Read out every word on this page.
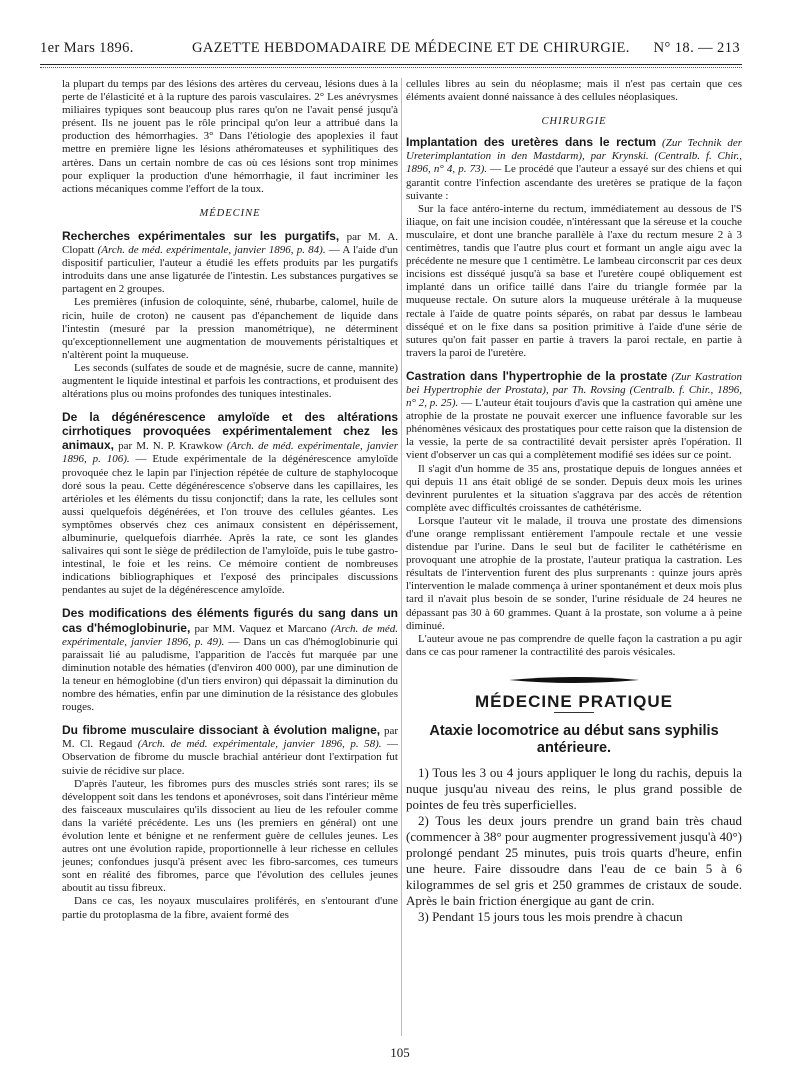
1er Mars 1896.	GAZETTE HEBDOMADAIRE DE MÉDECINE ET DE CHIRURGIE. N° 18. — 213

la plupart du temps par des lésions des artères du cerveau, lésions dues à la perte de l'élasticité et à la rupture des parois vasculaires. 2° Les anévrysmes miliaires typiques sont beaucoup plus rares qu'on ne l'avait pensé jusqu'à présent. Ils ne jouent pas le rôle principal qu'on leur a attribué dans la production des hémorrhagies. 3° Dans l'étiologie des apoplexies il faut mettre en première ligne les lésions athéromateuses et syphilitiques des artères. Dans un certain nombre de cas où ces lésions sont trop minimes pour expliquer la production d'une hémorrhagie, il faut incriminer les actions mécaniques comme l'effort de la toux.

MÉDECINE

Recherches expérimentales sur les purgatifs, par M. A. Clopatt (Arch. de méd. expérimentale, janvier 1896, p. 84). — A l'aide d'un dispositif particulier, l'auteur a étudié les effets produits par les purgatifs introduits dans une anse ligaturée de l'intestin. Les substances purgatives se partagent en 2 groupes.

Les premières (infusion de coloquinte, séné, rhubarbe, calomel, huile de ricin, huile de croton) ne causent pas d'épanchement de liquide dans l'intestin (mesuré par la pression manométrique), ne déterminent qu'exceptionnellement une augmentation de mouvements péristaltiques et n'altèrent point la muqueuse.

Les seconds (sulfates de soude et de magnésie, sucre de canne, mannite) augmentent le liquide intestinal et parfois les contractions, et produisent des altérations plus ou moins profondes des tuniques intestinales.

De la dégénérescence amyloïde et des altérations cirrhotiques provoquées expérimentalement chez les animaux, par M. N. P. Krawkow (Arch. de méd. expérimentale, janvier 1896, p. 106). — Etude expérimentale de la dégénérescence amyloïde provoquée chez le lapin par l'injection répétée de culture de staphylocoque doré sous la peau. Cette dégénérescence s'observe dans les capillaires, les artérioles et les éléments du tissu conjonctif; dans la rate, les cellules sont aussi quelquefois dégénérées, et l'on trouve des cellules géantes. Les symptômes observés chez ces animaux consistent en dépérissement, albuminurie, quelquefois diarrhée. Après la rate, ce sont les glandes salivaires qui sont le siège de prédilection de l'amyloïde, puis le tube gastro-intestinal, le foie et les reins. Ce mémoire contient de nombreuses indications bibliographiques et l'exposé des principales discussions pendantes au sujet de la dégénérescence amyloïde.

Des modifications des éléments figurés du sang dans un cas d'hémoglobinurie, par MM. Vaquez et Marcano (Arch. de méd. expérimentale, janvier 1896, p. 49). — Dans un cas d'hémoglobinurie qui paraissait lié au paludisme, l'apparition de l'accès fut marquée par une diminution notable des hématies (d'environ 400 000), par une diminution de la teneur en hémoglobine (d'un tiers environ) qui dépassait la diminution du nombre des hématies, enfin par une diminution de la résistance des globules rouges.

Du fibrome musculaire dissociant à évolution maligne, par M. Cl. Regaud (Arch. de méd. expérimentale, janvier 1896, p. 58). — Observation de fibrome du muscle brachial antérieur dont l'extirpation fut suivie de récidive sur place.

D'après l'auteur, les fibromes purs des muscles striés sont rares; ils se développent soit dans les tendons et aponévroses, soit dans l'intérieur même des faisceaux musculaires qu'ils dissocient au lieu de les refouler comme dans la variété précédente. Les uns (les premiers en général) ont une évolution lente et bénigne et ne renferment guère de cellules jeunes. Les autres ont une évolution rapide, proportionnelle à leur richesse en cellules jeunes; confondues jusqu'à présent avec les fibro-sarcomes, ces tumeurs sont en réalité des fibromes, parce que l'évolution des cellules jeunes aboutit au tissu fibreux.

Dans ce cas, les noyaux musculaires proliférés, en s'entourant d'une partie du protoplasma de la fibre, avaient formé des

cellules libres au sein du néoplasme; mais il n'est pas certain que ces éléments avaient donné naissance à des cellules néoplasiques.

CHIRURGIE

Implantation des uretères dans le rectum (Zur Technik der Ureterimplantation in den Mastdarm), par Krynski. (Centralb. f. Chir., 1896, n° 4, p. 73). — Le procédé que l'auteur a essayé sur des chiens et qui garantit contre l'infection ascendante des uretères se pratique de la façon suivante :

Sur la face antéro-interne du rectum, immédiatement au dessous de l'S iliaque, on fait une incision coudée, n'intéressant que la séreuse et la couche musculaire, et dont une branche parallèle à l'axe du rectum mesure 2 à 3 centimètres, tandis que l'autre plus court et formant un angle aigu avec la précédente ne mesure que 1 centimètre. Le lambeau circonscrit par ces deux incisions est disséqué jusqu'à sa base et l'uretère coupé obliquement est implanté dans un orifice taillé dans l'aire du triangle formée par la muqueuse rectale. On suture alors la muqueuse urétérale à la muqueuse rectale à l'aide de quatre points séparés, on rabat par dessus le lambeau disséqué et on le fixe dans sa position primitive à l'aide d'une série de sutures qu'on fait passer en partie à travers la paroi rectale, en partie à travers la paroi de l'uretère.

Castration dans l'hypertrophie de la prostate (Zur Kastration bei Hypertrophie der Prostata), par Th. Rovsing (Centralb. f. Chir., 1896, n° 2, p. 25). — L'auteur était toujours d'avis que la castration qui amène une atrophie de la prostate ne pouvait exercer une influence favorable sur les phénomènes vésicaux des prostatiques pour cette raison que la distension de la vessie, la perte de sa contractilité devait persister après l'opération. Il vient d'observer un cas qui a complètement modifié ses idées sur ce point.

Il s'agit d'un homme de 35 ans, prostatique depuis de longues années et qui depuis 11 ans était obligé de se sonder. Depuis deux mois les urines devinrent purulentes et la situation s'aggrava par des accès de rétention complète avec difficultés croissantes de cathétérisme.

Lorsque l'auteur vit le malade, il trouva une prostate des dimensions d'une orange remplissant entièrement l'ampoule rectale et une vessie distendue par l'urine. Dans le seul but de faciliter le cathétérisme en provoquant une atrophie de la prostate, l'auteur pratiqua la castration. Les résultats de l'intervention furent des plus surprenants : quinze jours après l'intervention le malade commença à uriner spontanément et deux mois plus tard il n'avait plus besoin de se sonder, l'urine résiduale de 24 heures ne dépassant pas 30 à 60 grammes. Quant à la prostate, son volume a à peine diminué.

L'auteur avoue ne pas comprendre de quelle façon la castration a pu agir dans ce cas pour ramener la contractilité des parois vésicales.

MÉDECINE PRATIQUE
Ataxie locomotrice au début sans syphilis antérieure.

1) Tous les 3 ou 4 jours appliquer le long du rachis, depuis la nuque jusqu'au niveau des reins, le plus grand possible de pointes de feu très superficielles.

2) Tous les deux jours prendre un grand bain très chaud (commencer à 38° pour augmenter progressivement jusqu'à 40°) prolongé pendant 25 minutes, puis trois quarts d'heure, enfin une heure. Faire dissoudre dans l'eau de ce bain 5 à 6 kilogrammes de sel gris et 250 grammes de cristaux de soude. Après le bain friction énergique au gant de crin.

3) Pendant 15 jours tous les mois prendre à chacun

105
